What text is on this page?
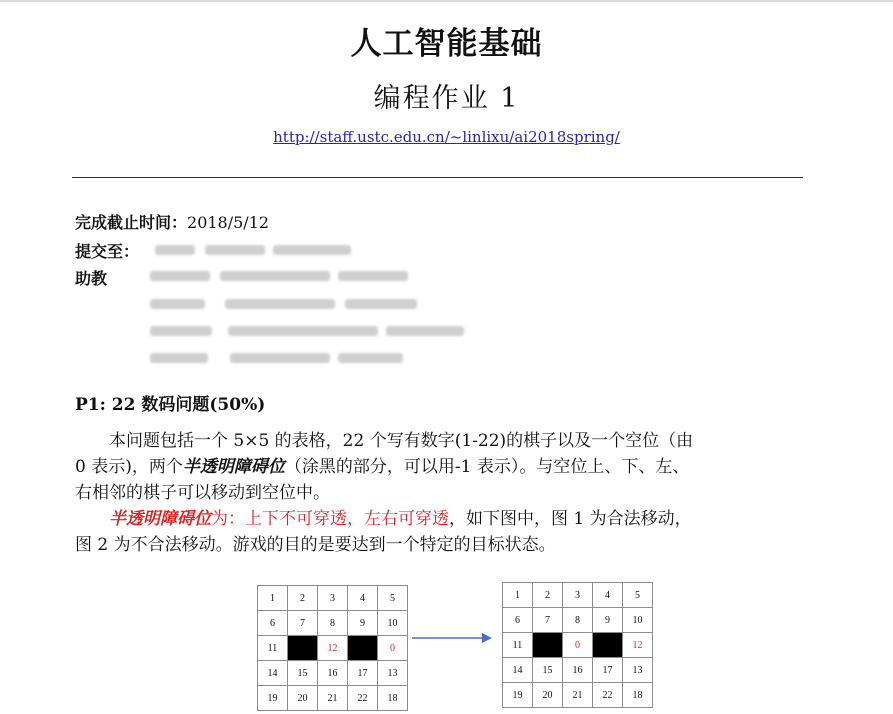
人工智能基础
编程作业 1
http://staff.ustc.edu.cn/~linlixu/ai2018spring/
完成截止时间：2018/5/12
提交至：
助教
P1: 22 数码问题(50%)
本问题包括一个 5×5 的表格，22 个写有数字(1-22)的棋子以及一个空位（由
0 表示)，两个半透明障碍位（涂黑的部分，可以用-1 表示）。与空位上、下、左、
右相邻的棋子可以移动到空位中。
半透明障碍位为：上下不可穿透，左右可穿透，如下图中，图 1 为合法移动，
图 2 为不合法移动。游戏的目的是要达到一个特定的目标状态。
1	2	3	4	5
6	7	8	9	10
11		12		0
14	15	16	17	13
19	20	21	22	18
1	2	3	4	5
6	7	8	9	10
11		0		12
14	15	16	17	13
19	20	21	22	18
